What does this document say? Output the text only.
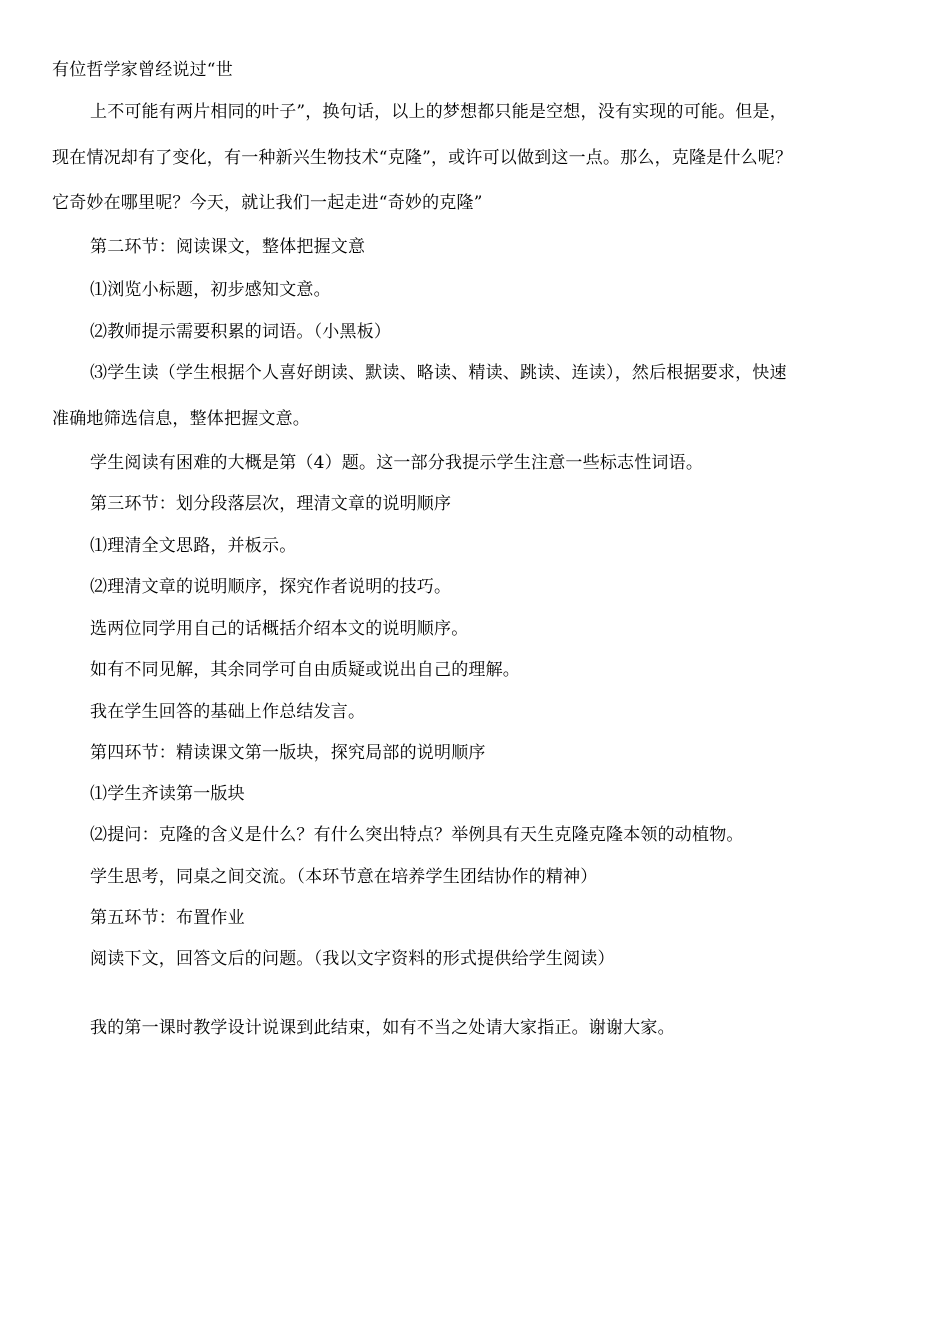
有位哲学家曾经说过“世
上不可能有两片相同的叶子”，换句话，以上的梦想都只能是空想，没有实现的可能。但是，
现在情况却有了变化，有一种新兴生物技术“克隆”，或许可以做到这一点。那么，克隆是什么呢？
它奇妙在哪里呢？今天，就让我们一起走进“奇妙的克隆”
第二环节：阅读课文，整体把握文意
⑴浏览小标题，初步感知文意。
⑵教师提示需要积累的词语。（小黑板）
⑶学生读（学生根据个人喜好朗读、默读、略读、精读、跳读、连读），然后根据要求，快速
准确地筛选信息，整体把握文意。
学生阅读有困难的大概是第（4）题。这一部分我提示学生注意一些标志性词语。
第三环节：划分段落层次，理清文章的说明顺序
⑴理清全文思路，并板示。
⑵理清文章的说明顺序，探究作者说明的技巧。
选两位同学用自己的话概括介绍本文的说明顺序。
如有不同见解，其余同学可自由质疑或说出自己的理解。
我在学生回答的基础上作总结发言。
第四环节：精读课文第一版块，探究局部的说明顺序
⑴学生齐读第一版块
⑵提问：克隆的含义是什么？有什么突出特点？举例具有天生克隆克隆本领的动植物。
学生思考，同桌之间交流。（本环节意在培养学生团结协作的精神）
第五环节：布置作业
阅读下文，回答文后的问题。（我以文字资料的形式提供给学生阅读）
我的第一课时教学设计说课到此结束，如有不当之处请大家指正。谢谢大家。
